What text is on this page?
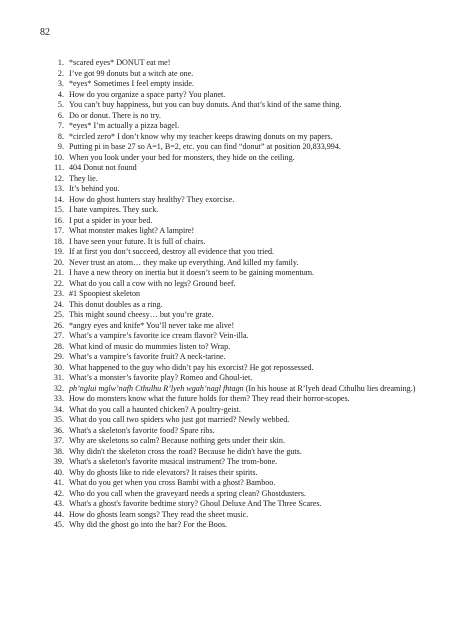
82
1. *scared eyes* DONUT eat me!
2. I’ve got 99 donuts but a witch ate one.
3. *eyes* Sometimes I feel empty inside.
4. How do you organize a space party? You planet.
5. You can’t buy happiness, but you can buy donuts. And that’s kind of the same thing.
6. Do or donut. There is no try.
7. *eyes* I’m actually a pizza bagel.
8. *circled zero* I don’t know why my teacher keeps drawing donuts on my papers.
9. Putting pi in base 27 so A=1, B=2, etc. you can find “donut” at position 20,833,994.
10. When you look under your bed for monsters, they hide on the ceiling.
11. 404 Donut not found
12. They lie.
13. It’s behind you.
14. How do ghost hunters stay healthy? They exorcise.
15. I hate vampires. They suck.
16. I put a spider in your bed.
17. What monster makes light? A lampire!
18. I have seen your future. It is full of chairs.
19. If at first you don’t succeed, destroy all evidence that you tried.
20. Never trust an atom… they make up everything. And killed my family.
21. I have a new theory on inertia but it doesn’t seem to be gaining momentum.
22. What do you call a cow with no legs? Ground beef.
23. #1 Spoopiest skeleton
24. This donut doubles as a ring.
25. This might sound cheesy… but you’re grate.
26. *angry eyes and knife* You’ll never take me alive!
27. What’s a vampire’s favorite ice cream flavor? Vein-illa.
28. What kind of music do mummies listen to? Wrap.
29. What’s a vampire’s favorite fruit? A neck-tarine.
30. What happened to the guy who didn’t pay his exorcist? He got repossessed.
31. What’s a monster’s favorite play? Romeo and Ghoul-iet.
32. ph’nglui mglw’nafh Cthulhu R’lyeh wgah’nagl fhtagn (In his house at R’lyeh dead Cthulhu lies dreaming.)
33. How do monsters know what the future holds for them? They read their horror-scopes.
34. What do you call a haunted chicken? A poultry-geist.
35. What do you call two spiders who just got married? Newly webbed.
36. What's a skeleton's favorite food? Spare ribs.
37. Why are skeletons so calm? Because nothing gets under their skin.
38. Why didn't the skeleton cross the road? Because he didn't have the guts.
39. What's a skeleton's favorite musical instrument? The trom-bone.
40. Why do ghosts like to ride elevators? It raises their spirits.
41. What do you get when you cross Bambi with a ghost? Bamboo.
42. Who do you call when the graveyard needs a spring clean? Ghostdusters.
43. What's a ghost's favorite bedtime story? Ghoul Deluxe And The Three Scares.
44. How do ghosts learn songs? They read the sheet music.
45. Why did the ghost go into the bar? For the Boos.
